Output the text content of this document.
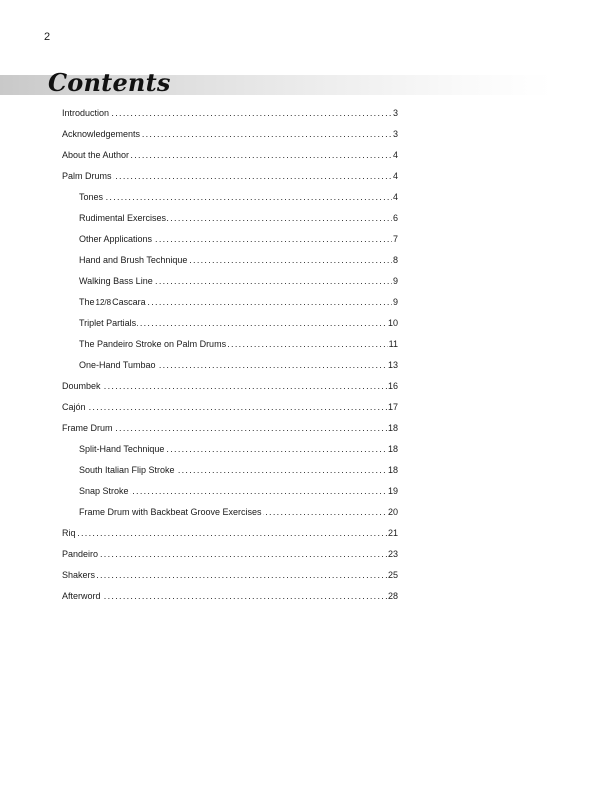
2
Contents
Introduction	3
. . .
Acknowledgements	3
. . .
About the Author	4
. . .
Palm Drums	4
. . .
Tones	4
. . .
Rudimental Exercises	6
. . .
Other Applications	7
. . .
Hand and Brush Technique	8
. . .
Walking Bass Line	9
. . .
The12/8Cascara	9
. . .
Triplet Partials	10
. . .
The Pandeiro Stroke on Palm Drums	11
. . .
One-Hand Tumbao	13
. . .
Doumbek	16
. . .
Cajón	17
. . .
Frame Drum	18
. . .
Split-Hand Technique	18
. . .
South Italian Flip Stroke	18
. . .
Snap Stroke	19
. . .
Frame Drum with Backbeat Groove Exercises	20
. . .
Riq	21
. . .
Pandeiro	23
. . .
Shakers	25
. . .
Afterword	28
. . .
